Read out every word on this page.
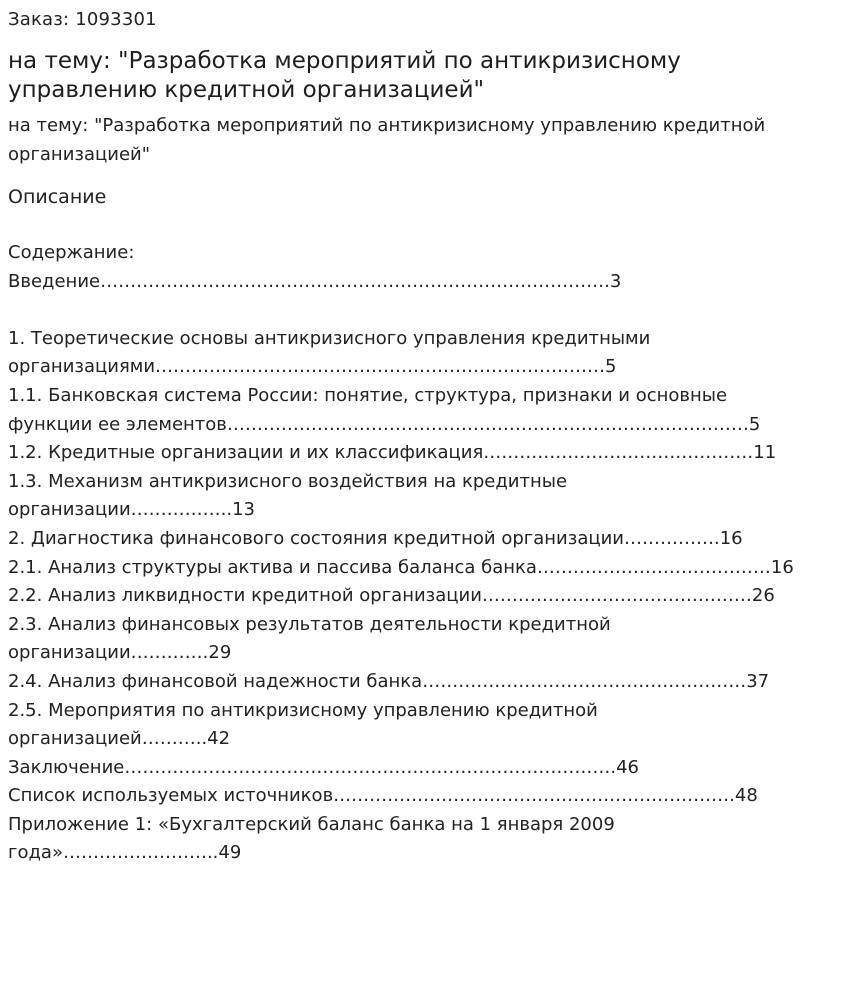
Заказ: 1093301
на тему: "Разработка мероприятий по антикризисному
управлению кредитной организацией"
на тему: "Разработка мероприятий по антикризисному управлению кредитной
организацией"
Описание
Содержание:
Введение………………………………………………………………………….3
1. Теоретические основы антикризисного управления кредитными
организациями…………………………………………………………………5
1.1. Банковская система России: понятие, структура, признаки и основные
функции ее элементов……………………………………………………………………………5
1.2. Кредитные организации и их классификация………………………………………11
1.3. Механизм антикризисного воздействия на кредитные
организации……………..13
2. Диагностика финансового состояния кредитной организации…………….16
2.1. Анализ структуры актива и пассива баланса банка…………………………………16
2.2. Анализ ликвидности кредитной организации………………………………………26
2.3. Анализ финансовых результатов деятельности кредитной
организации………….29
2.4. Анализ финансовой надежности банка………………………………………………37
2.5. Мероприятия по антикризисному управлению кредитной
организацией………..42
Заключение……………………………………………………………………….46
Список используемых источников………………………………………………………….48
Приложение 1: «Бухгалтерский баланс банка на 1 января 2009
года»……………………..49
